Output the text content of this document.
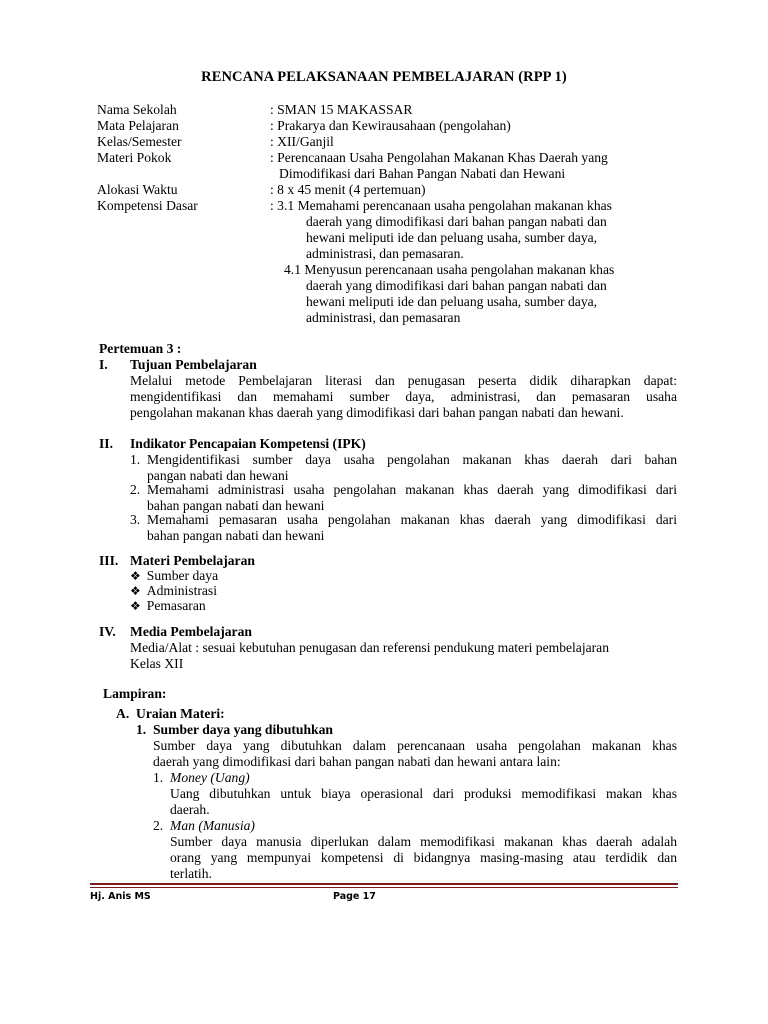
RENCANA PELAKSANAAN PEMBELAJARAN (RPP 1)
Nama Sekolah	: SMAN 15 MAKASSAR
Mata Pelajaran	: Prakarya dan Kewirausahaan (pengolahan)
Kelas/Semester	: XII/Ganjil
Materi Pokok	: Perencanaan Usaha Pengolahan Makanan Khas Daerah yang
Dimodifikasi dari Bahan Pangan Nabati dan Hewani
Alokasi Waktu	: 8 x 45 menit (4 pertemuan)
Kompetensi Dasar	: 3.1 Memahami perencanaan usaha pengolahan makanan khas
daerah yang dimodifikasi dari bahan pangan nabati dan
hewani meliputi ide dan peluang usaha, sumber daya,
administrasi, dan pemasaran.
4.1 Menyusun perencanaan usaha pengolahan makanan khas
daerah yang dimodifikasi dari bahan pangan nabati dan
hewani meliputi ide dan peluang usaha, sumber daya,
administrasi, dan pemasaran
Pertemuan 3 :
I. Tujuan Pembelajaran
Melalui metode Pembelajaran literasi dan penugasan peserta didik diharapkan dapat:
mengidentifikasi dan memahami sumber daya, administrasi, dan pemasaran usaha
pengolahan makanan khas daerah yang dimodifikasi dari bahan pangan nabati dan hewani.
II. Indikator Pencapaian Kompetensi (IPK)
1. Mengidentifikasi sumber daya usaha pengolahan makanan khas daerah dari bahan
pangan nabati dan hewani
2. Memahami administrasi usaha pengolahan makanan khas daerah yang dimodifikasi dari
bahan pangan nabati dan hewani
3. Memahami pemasaran usaha pengolahan makanan khas daerah yang dimodifikasi dari
bahan pangan nabati dan hewani
III. Materi Pembelajaran
❖ Sumber daya
❖ Administrasi
❖ Pemasaran
IV. Media Pembelajaran
Media/Alat : sesuai kebutuhan penugasan dan referensi pendukung materi pembelajaran
Kelas XII
Lampiran:
A. Uraian Materi:
1. Sumber daya yang dibutuhkan
Sumber daya yang dibutuhkan dalam perencanaan usaha pengolahan makanan khas
daerah yang dimodifikasi dari bahan pangan nabati dan hewani antara lain:
1. Money (Uang)
Uang dibutuhkan untuk biaya operasional dari produksi memodifikasi makan khas
daerah.
2. Man (Manusia)
Sumber daya manusia diperlukan dalam memodifikasi makanan khas daerah adalah
orang yang mempunyai kompetensi di bidangnya masing-masing atau terdidik dan
terlatih.
Hj. Anis MS	Page 17
